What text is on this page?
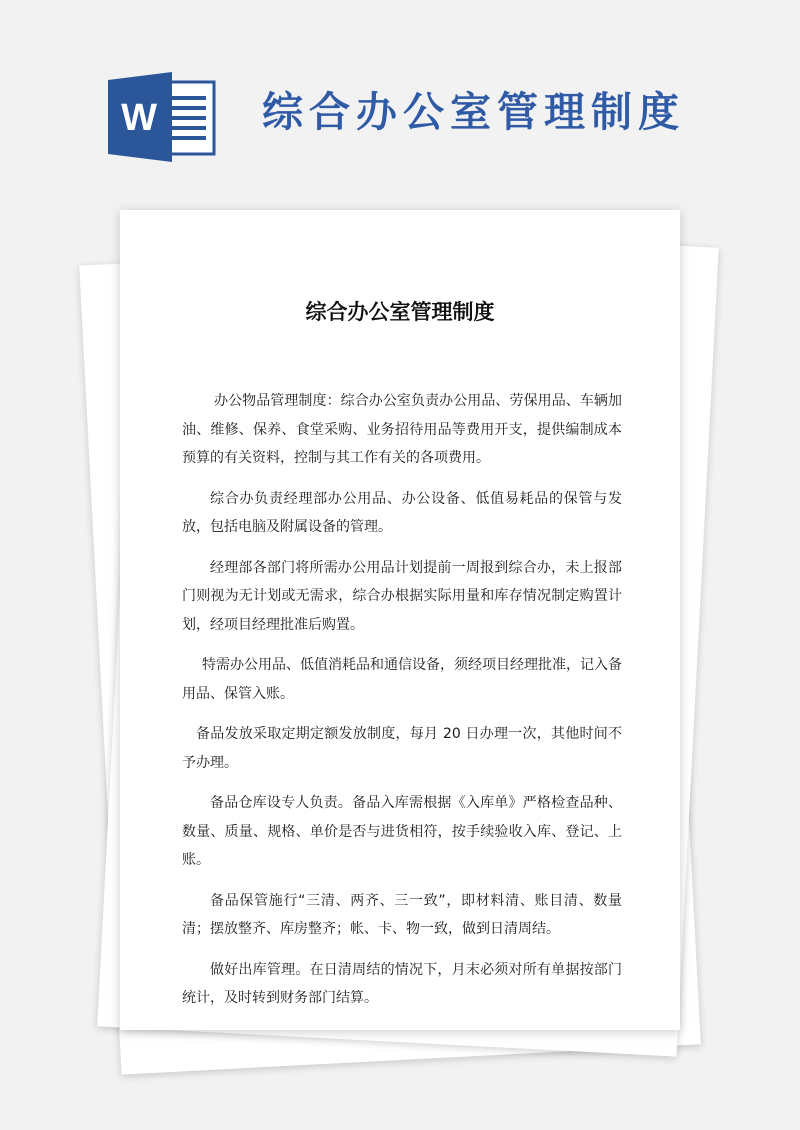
W	综合办公室管理制度
综合办公室管理制度

办公物品管理制度：综合办公室负责办公用品、劳保用品、车辆加油、维修、保养、食堂采购、业务招待用品等费用开支，提供编制成本预算的有关资料，控制与其工作有关的各项费用。

综合办负责经理部办公用品、办公设备、低值易耗品的保管与发放，包括电脑及附属设备的管理。

经理部各部门将所需办公用品计划提前一周报到综合办，未上报部门则视为无计划或无需求，综合办根据实际用量和库存情况制定购置计划，经项目经理批准后购置。

特需办公用品、低值消耗品和通信设备，须经项目经理批准，记入备用品、保管入账。

备品发放采取定期定额发放制度，每月 20 日办理一次，其他时间不予办理。

备品仓库设专人负责。备品入库需根据《入库单》严格检查品种、数量、质量、规格、单价是否与进货相符，按手续验收入库、登记、上账。

备品保管施行“三清、两齐、三一致”，即材料清、账目清、数量清；摆放整齐、库房整齐；帐、卡、物一致，做到日清周结。

做好出库管理。在日清周结的情况下，月末必须对所有单据按部门统计，及时转到财务部门结算。
